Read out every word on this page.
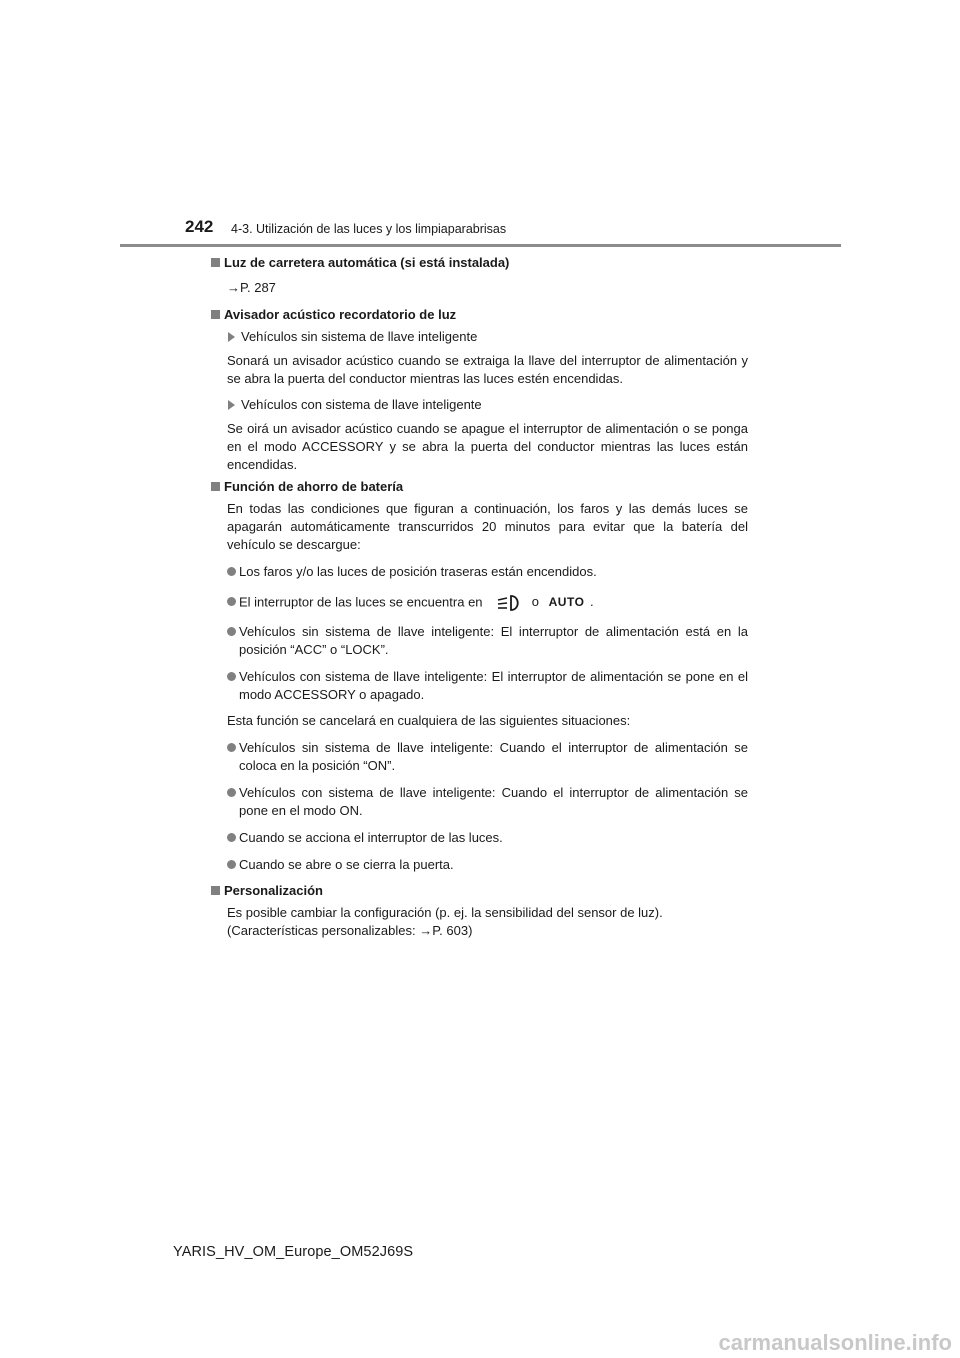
242 4-3. Utilización de las luces y los limpiaparabrisas
Luz de carretera automática (si está instalada)
→P. 287
Avisador acústico recordatorio de luz
Vehículos sin sistema de llave inteligente
Sonará un avisador acústico cuando se extraiga la llave del interruptor de alimentación y se abra la puerta del conductor mientras las luces estén encendidas.
Vehículos con sistema de llave inteligente
Se oirá un avisador acústico cuando se apague el interruptor de alimentación o se ponga en el modo ACCESSORY y se abra la puerta del conductor mientras las luces están encendidas.
Función de ahorro de batería
En todas las condiciones que figuran a continuación, los faros y las demás luces se apagarán automáticamente transcurridos 20 minutos para evitar que la batería del vehículo se descargue:
Los faros y/o las luces de posición traseras están encendidos.
El interruptor de las luces se encuentra en	o AUTO .
Vehículos sin sistema de llave inteligente: El interruptor de alimentación está en la posición “ACC” o “LOCK”.
Vehículos con sistema de llave inteligente: El interruptor de alimentación se pone en el modo ACCESSORY o apagado.
Esta función se cancelará en cualquiera de las siguientes situaciones:
Vehículos sin sistema de llave inteligente: Cuando el interruptor de alimentación se coloca en la posición “ON”.
Vehículos con sistema de llave inteligente: Cuando el interruptor de alimentación se pone en el modo ON.
Cuando se acciona el interruptor de las luces.
Cuando se abre o se cierra la puerta.
Personalización
Es posible cambiar la configuración (p. ej. la sensibilidad del sensor de luz).
(Características personalizables: →P. 603)
YARIS_HV_OM_Europe_OM52J69S
carmanualsonline.info
